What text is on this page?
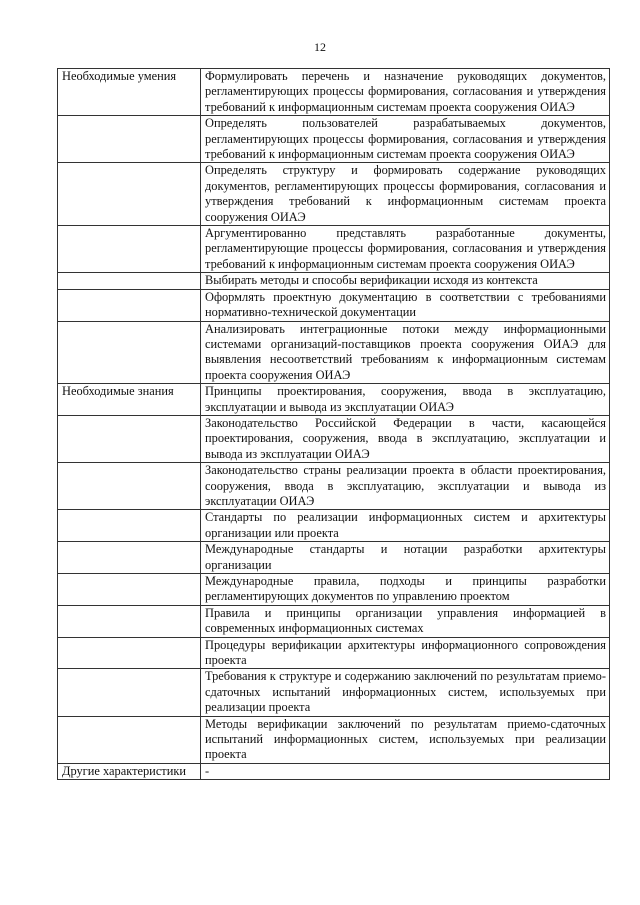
12
Необходимые умения	Формулировать перечень и назначение руководящих документов, регламентирующих процессы формирования, согласования и утверждения требований к информационным системам проекта сооружения ОИАЭ
	Определять пользователей разрабатываемых документов, регламентирующих процессы формирования, согласования и утверждения требований к информационным системам проекта сооружения ОИАЭ
	Определять структуру и формировать содержание руководящих документов, регламентирующих процессы формирования, согласования и утверждения требований к информационным системам проекта сооружения ОИАЭ
	Аргументированно представлять разработанные документы, регламентирующие процессы формирования, согласования и утверждения требований к информационным системам проекта сооружения ОИАЭ
	Выбирать методы и способы верификации исходя из контекста
	Оформлять проектную документацию в соответствии с требованиями нормативно-технической документации
	Анализировать интеграционные потоки между информационными системами организаций-поставщиков проекта сооружения ОИАЭ для выявления несоответствий требованиям к информационным системам проекта сооружения ОИАЭ
Необходимые знания	Принципы проектирования, сооружения, ввода в эксплуатацию, эксплуатации и вывода из эксплуатации ОИАЭ
	Законодательство Российской Федерации в части, касающейся проектирования, сооружения, ввода в эксплуатацию, эксплуатации и вывода из эксплуатации ОИАЭ
	Законодательство страны реализации проекта в области проектирования, сооружения, ввода в эксплуатацию, эксплуатации и вывода из эксплуатации ОИАЭ
	Стандарты по реализации информационных систем и архитектуры организации или проекта
	Международные стандарты и нотации разработки архитектуры организации
	Международные правила, подходы и принципы разработки регламентирующих документов по управлению проектом
	Правила и принципы организации управления информацией в современных информационных системах
	Процедуры верификации архитектуры информационного сопровождения проекта
	Требования к структуре и содержанию заключений по результатам приемо-сдаточных испытаний информационных систем, используемых при реализации проекта
	Методы верификации заключений по результатам приемо-сдаточных испытаний информационных систем, используемых при реализации проекта
Другие характеристики	-
